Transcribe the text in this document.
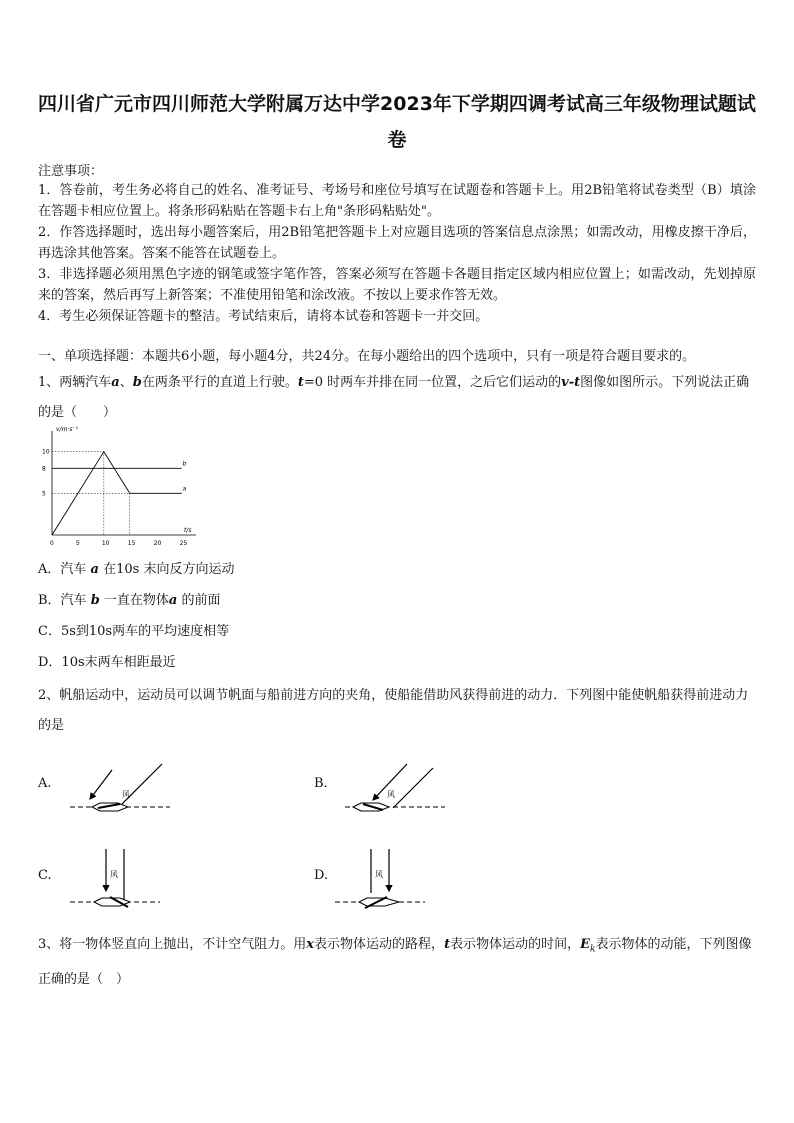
四川省广元市四川师范大学附属万达中学2023年下学期四调考试高三年级物理试题试卷
注意事项：
1．答卷前，考生务必将自己的姓名、准考证号、考场号和座位号填写在试题卷和答题卡上。用2B铅笔将试卷类型（B）填涂在答题卡相应位置上。将条形码粘贴在答题卡右上角"条形码粘贴处"。
2．作答选择题时，选出每小题答案后，用2B铅笔把答题卡上对应题目选项的答案信息点涂黑；如需改动，用橡皮擦干净后，再选涂其他答案。答案不能答在试题卷上。
3．非选择题必须用黑色字迹的钢笔或签字笔作答，答案必须写在答题卡各题目指定区域内相应位置上；如需改动，先划掉原来的答案，然后再写上新答案；不准使用铅笔和涂改液。不按以上要求作答无效。
4．考生必须保证答题卡的整洁。考试结束后，请将本试卷和答题卡一并交回。
一、单项选择题：本题共6小题，每小题4分，共24分。在每小题给出的四个选项中，只有一项是符合题目要求的。
1、两辆汽车a、b在两条平行的直道上行驶。t=0 时两车并排在同一位置，之后它们运动的v-t图像如图所示。下列说法正确的是（　　）
v/m·s⁻¹
t/s
0	5	10	15	20	25
5
8
10
a
b
A．汽车 a 在10s 末向反方向运动
B．汽车 b 一直在物体a 的前面
C．5s到10s两车的平均速度相等
D．10s末两车相距最近
2、帆船运动中，运动员可以调节帆面与船前进方向的夹角，使船能借助风获得前进的动力．下列图中能使帆船获得前进动力的是
A.	B.
C.	D.
风	风
风	风
3、将一物体竖直向上抛出，不计空气阻力。用x表示物体运动的路程，t表示物体运动的时间，$E_k$表示物体的动能，下列图像正确的是（　）
